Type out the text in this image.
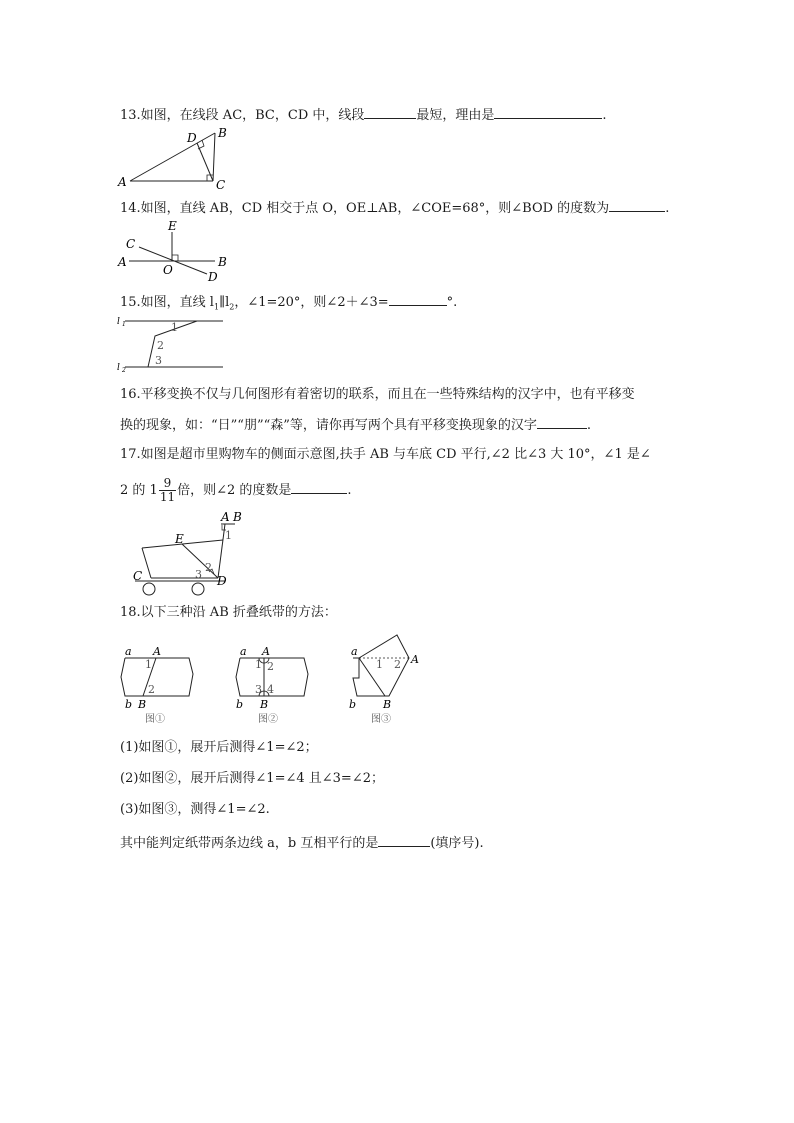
13.如图，在线段 AC，BC，CD 中，线段	最短，理由是	.
A
B
C
D
14.如图，直线 AB，CD 相交于点 O，OE⊥AB，∠COE=68°，则∠BOD 的度数为	.
A	B
C
D
E
O
15.如图，直线 $l_1\parallel l_2$，∠1=20°，则∠2＋∠3=	°.
l 1
l 2
1
2
3
16.平移变换不仅与几何图形有着密切的联系，而且在一些特殊结构的汉字中，也有平移变
换的现象，如：“日”“朋”“森”等，请你再写两个具有平移变换现象的汉字	.
17.如图是超市里购物车的侧面示意图,扶手 AB 与车底 CD 平行,∠2 比∠3 大 10°，∠1 是∠
2 的 $1 \frac{9}{11}$ 倍，则∠2 的度数是	.
A B
C	D
E	1
2
3
18.以下三种沿 AB 折叠纸带的方法：
a
b
A
B
1
2
图①
a
b
A
B
1 2
3 4
图②
a
b
A
B
1 2
图③
(1)如图①，展开后测得∠1=∠2；
(2)如图②，展开后测得∠1=∠4 且∠3=∠2；
(3)如图③，测得∠1=∠2.
其中能判定纸带两条边线 a，b 互相平行的是	(填序号).
